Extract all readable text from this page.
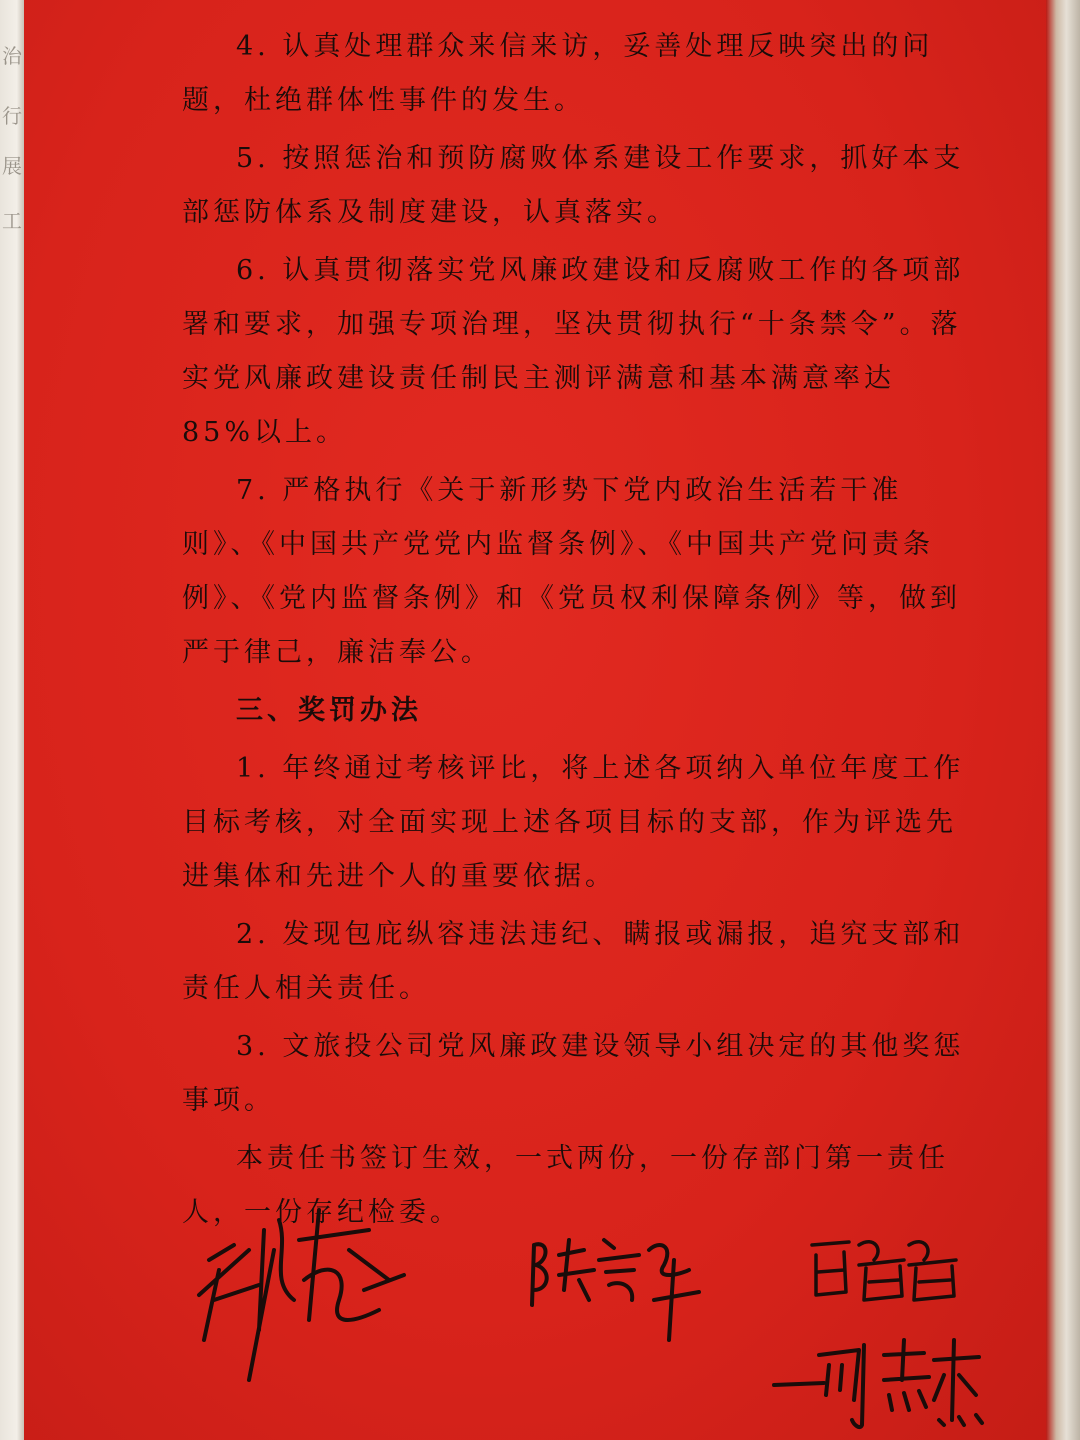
治
行
展
工

4. 认真处理群众来信来访，妥善处理反映突出的问题，杜绝群体性事件的发生。

5. 按照惩治和预防腐败体系建设工作要求，抓好本支部惩防体系及制度建设，认真落实。

6. 认真贯彻落实党风廉政建设和反腐败工作的各项部署和要求，加强专项治理，坚决贯彻执行“十条禁令”。落实党风廉政建设责任制民主测评满意和基本满意率达 85%以上。

7. 严格执行《关于新形势下党内政治生活若干准则》、《中国共产党党内监督条例》、《中国共产党问责条例》、《党内监督条例》和《党员权利保障条例》等，做到严于律己，廉洁奉公。

三、奖罚办法

1. 年终通过考核评比，将上述各项纳入单位年度工作目标考核，对全面实现上述各项目标的支部，作为评选先进集体和先进个人的重要依据。

2. 发现包庇纵容违法违纪、瞒报或漏报，追究支部和责任人相关责任。

3. 文旅投公司党风廉政建设领导小组决定的其他奖惩事项。

本责任书签订生效，一式两份，一份存部门第一责任人，一份存纪检委。
